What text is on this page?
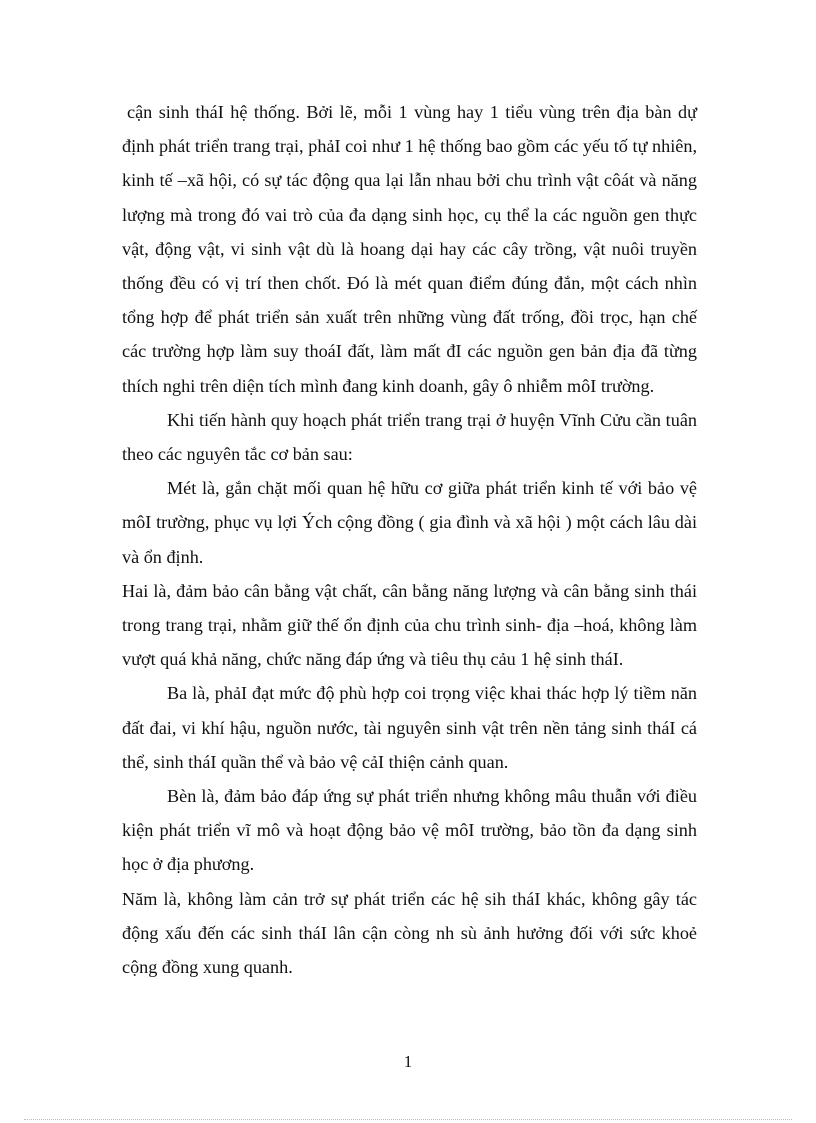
cận sinh tháI hệ thống. Bởi lẽ, mỗi 1 vùng hay 1 tiểu vùng trên địa bàn dự định phát triển trang trại, phảI coi như 1 hệ thống bao gồm các yếu tố tự nhiên, kinh tế –xã hội, có sự tác động qua lại lẫn nhau bởi chu trình vật côát và năng lượng mà trong đó vai trò của đa dạng sinh học, cụ thể la các nguồn gen thực vật, động vật, vi sinh vật dù là hoang dại hay các cây trồng, vật nuôi truyền thống đều có vị trí then chốt. Đó là mét quan điểm đúng đắn, một cách nhìn tổng hợp để phát triển sản xuất trên những vùng đất trống, đồi trọc, hạn chế các trường hợp làm suy thoáI đất, làm mất đI các nguồn gen bản địa đã từng thích nghi trên diện tích mình đang kinh doanh, gây ô nhiễm môI trường.

Khi tiến hành quy hoạch phát triển trang trại ở huyện Vĩnh Cửu cần tuân theo các nguyên tắc cơ bản sau:

Mét là, gắn chặt mối quan hệ hữu cơ giữa phát triển kinh tế với bảo vệ môI trường, phục vụ lợi Ých cộng đồng ( gia đình và xã hội ) một cách lâu dài và ổn định.

Hai là, đảm bảo cân bằng vật chất, cân bằng năng lượng và cân bằng sinh thái trong trang trại, nhằm giữ thế ổn định của chu trình sinh- địa –hoá, không làm vượt quá khả năng, chức năng đáp ứng và tiêu thụ cảu 1 hệ sinh tháI.

Ba là, phảI đạt mức độ phù hợp coi trọng việc khai thác hợp lý tiềm năn đất đai, vi khí hậu, nguồn nước, tài nguyên sinh vật trên nền tảng sinh tháI cá thể, sinh tháI quần thể và bảo vệ cảI thiện cảnh quan.

Bèn là, đảm bảo đáp ứng sự phát triển nhưng không mâu thuẫn với điều kiện phát triển vĩ mô và hoạt động bảo vệ môI trường, bảo tồn đa dạng sinh học ở địa phương.

Năm là, không làm cản trở sự phát triển các hệ sih tháI khác, không gây tác động xấu đến các sinh tháI lân cận còng nh sù ảnh hưởng đối với sức khoẻ cộng đồng xung quanh.

1
